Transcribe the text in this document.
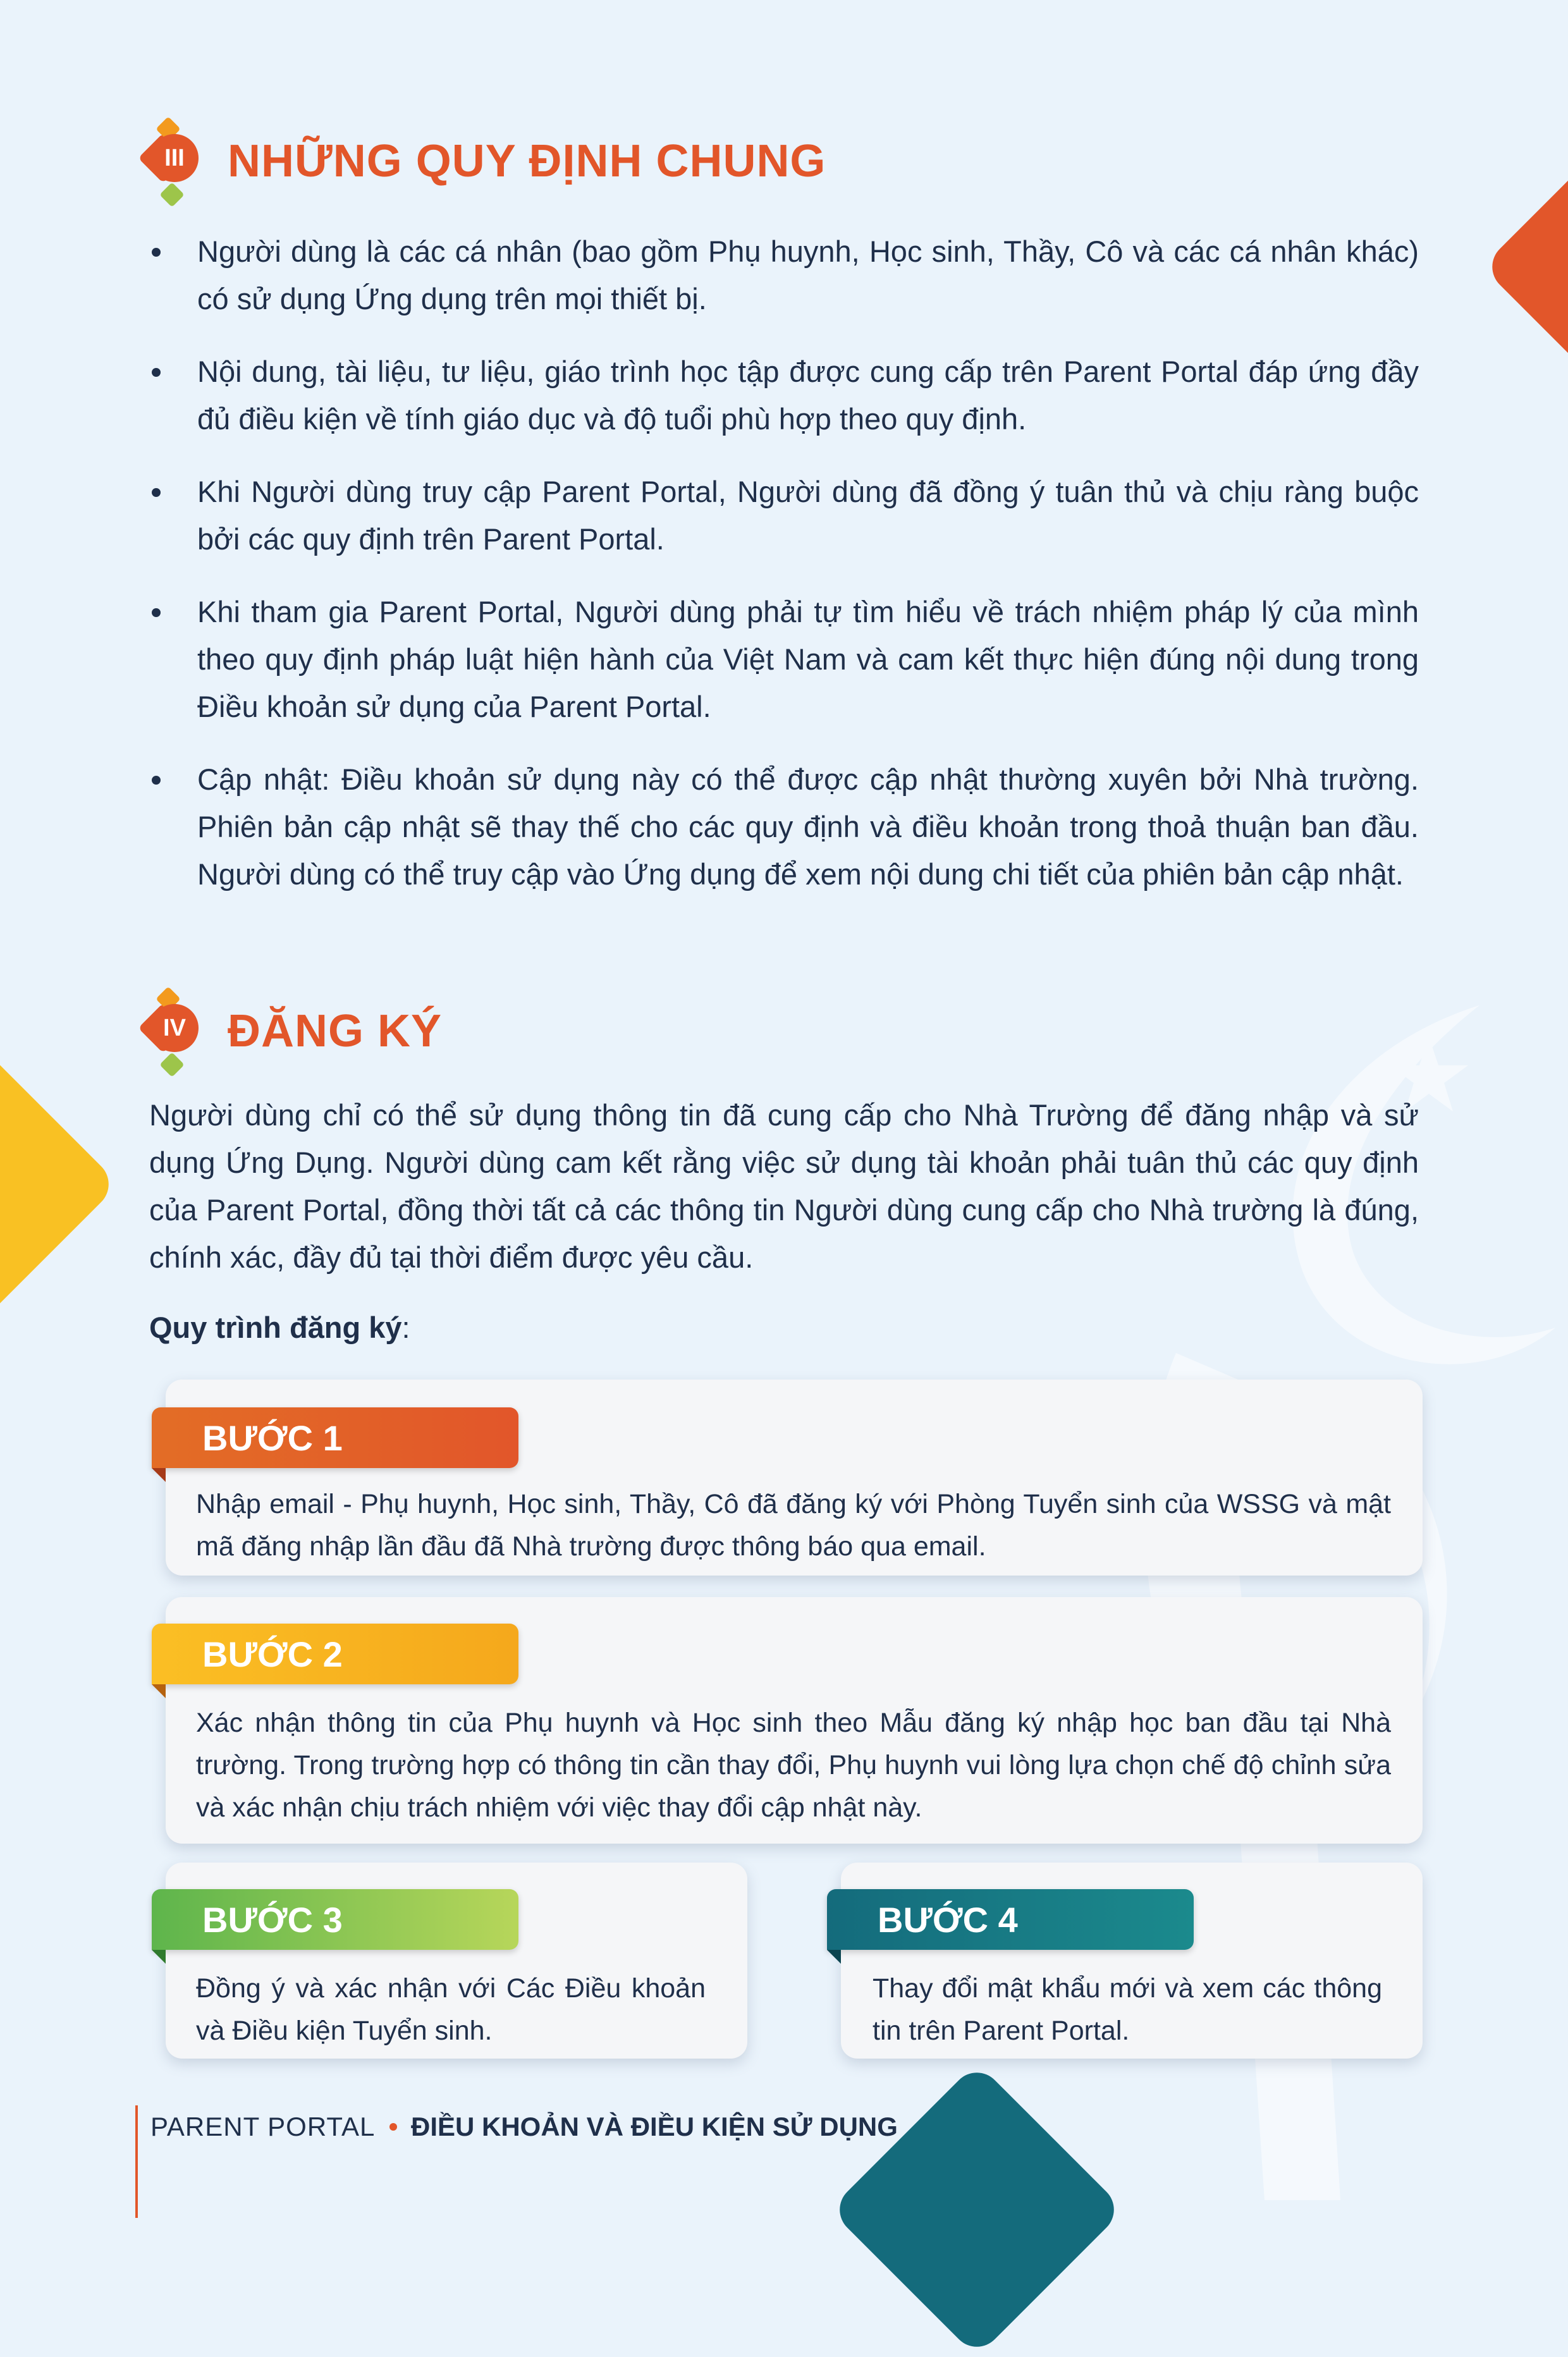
III NHỮNG QUY ĐỊNH CHUNG
Người dùng là các cá nhân (bao gồm Phụ huynh, Học sinh, Thầy, Cô và các cá nhân khác) có sử dụng Ứng dụng trên mọi thiết bị.
Nội dung, tài liệu, tư liệu, giáo trình học tập được cung cấp trên Parent Portal đáp ứng đầy đủ điều kiện về tính giáo dục và độ tuổi phù hợp theo quy định.
Khi Người dùng truy cập Parent Portal, Người dùng đã đồng ý tuân thủ và chịu ràng buộc bởi các quy định trên Parent Portal.
Khi tham gia Parent Portal, Người dùng phải tự tìm hiểu về trách nhiệm pháp lý của mình theo quy định pháp luật hiện hành của Việt Nam và cam kết thực hiện đúng nội dung trong Điều khoản sử dụng của Parent Portal.
Cập nhật: Điều khoản sử dụng này có thể được cập nhật thường xuyên bởi Nhà trường. Phiên bản cập nhật sẽ thay thế cho các quy định và điều khoản trong thoả thuận ban đầu. Người dùng có thể truy cập vào Ứng dụng để xem nội dung chi tiết của phiên bản cập nhật.
IV ĐĂNG KÝ

Người dùng chỉ có thể sử dụng thông tin đã cung cấp cho Nhà Trường để đăng nhập và sử dụng Ứng Dụng. Người dùng cam kết rằng việc sử dụng tài khoản phải tuân thủ các quy định của Parent Portal, đồng thời tất cả các thông tin Người dùng cung cấp cho Nhà trường là đúng, chính xác, đầy đủ tại thời điểm được yêu cầu.

Quy trình đăng ký:

BƯỚC 1

Nhập email - Phụ huynh, Học sinh, Thầy, Cô đã đăng ký với Phòng Tuyển sinh của WSSG và mật mã đăng nhập lần đầu đã Nhà trường được thông báo qua email.

BƯỚC 2

Xác nhận thông tin của Phụ huynh và Học sinh theo Mẫu đăng ký nhập học ban đầu tại Nhà trường. Trong trường hợp có thông tin cần thay đổi, Phụ huynh vui lòng lựa chọn chế độ chỉnh sửa và xác nhận chịu trách nhiệm với việc thay đổi cập nhật này.

BƯỚC 3

Đồng ý và xác nhận với Các Điều khoản và Điều kiện Tuyển sinh.

BƯỚC 4

Thay đổi mật khẩu mới và xem các thông tin trên Parent Portal.

PARENT PORTAL ĐIỀU KHOẢN VÀ ĐIỀU KIỆN SỬ DỤNG
